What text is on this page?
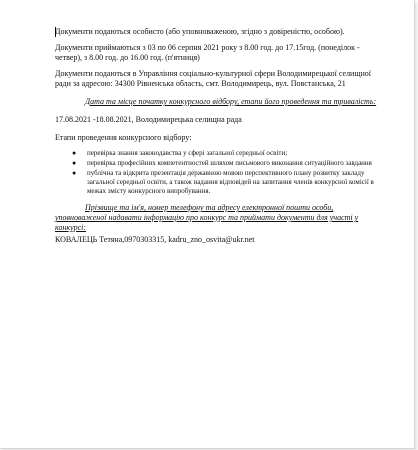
Документи подаються особисто (або уповноваженою, згідно з довіреністю, особою).

Документи приймаються з 03 по 06 серпня 2021 року з 8.00 год. до 17.15год. (понеділок - четвер), з 8.00 год. до 16.00 год. (п'ятниця)

Документи подаються в Управління соціально-культурної сфери Володимирецької селищної ради за адресою: 34300 Рівненська область, смт. Володимирець, вул. Повстанська, 21

Дата та місце початку конкурсного відбору, етапи його проведення та тривалість:

17.08.2021 -18.08.2021, Володимирецька селищна рада

Етапи проведення конкурсного відбору:

● перевірка знання законодавства у сфері загальної середньої освіти;
● перевірка професійних компетентностей шляхом письмового виконання ситуаційного завдання
● публічна та відкрита презентація державною мовою перспективного плану розвитку закладу загальної середньої освіти, а також надання відповідей на запитання членів конкурсної комісії в межах змісту конкурсного випробування.

Прізвище та ім'я, номер телефону та адресу електронної пошти особи, уповноваженої надавати інформацію про конкурс та приймати документи для участі у конкурсі:

КОВАЛЕЦЬ Тетяна,0970303315, kadru_zno_osvita@ukr.net
